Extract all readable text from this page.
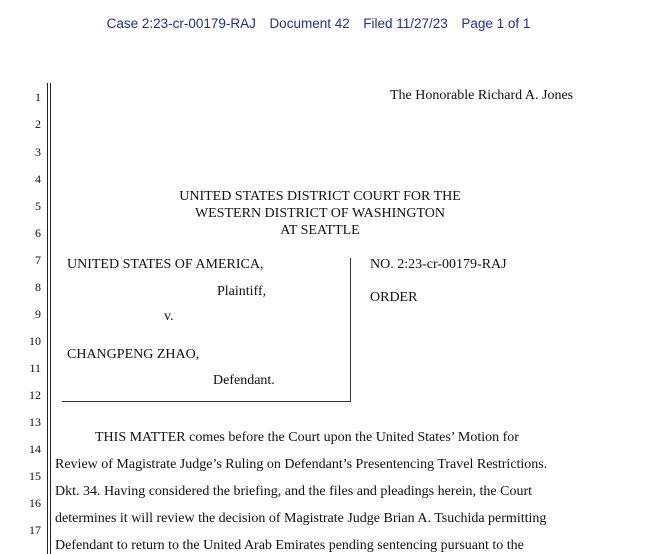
Case 2:23-cr-00179-RAJ Document 42 Filed 11/27/23 Page 1 of 1
1
2
3
4
5
6
7
8
9
10
11
12
13
14
15
16
17
The Honorable Richard A. Jones
UNITED STATES DISTRICT COURT FOR THE
WESTERN DISTRICT OF WASHINGTON
AT SEATTLE
UNITED STATES OF AMERICA,
Plaintiff,
v.
CHANGPENG ZHAO,
Defendant.
NO. 2:23-cr-00179-RAJ
ORDER
THIS MATTER comes before the Court upon the United States’ Motion for
Review of Magistrate Judge’s Ruling on Defendant’s Presentencing Travel Restrictions.
Dkt. 34. Having considered the briefing, and the files and pleadings herein, the Court
determines it will review the decision of Magistrate Judge Brian A. Tsuchida permitting
Defendant to return to the United Arab Emirates pending sentencing pursuant to the
